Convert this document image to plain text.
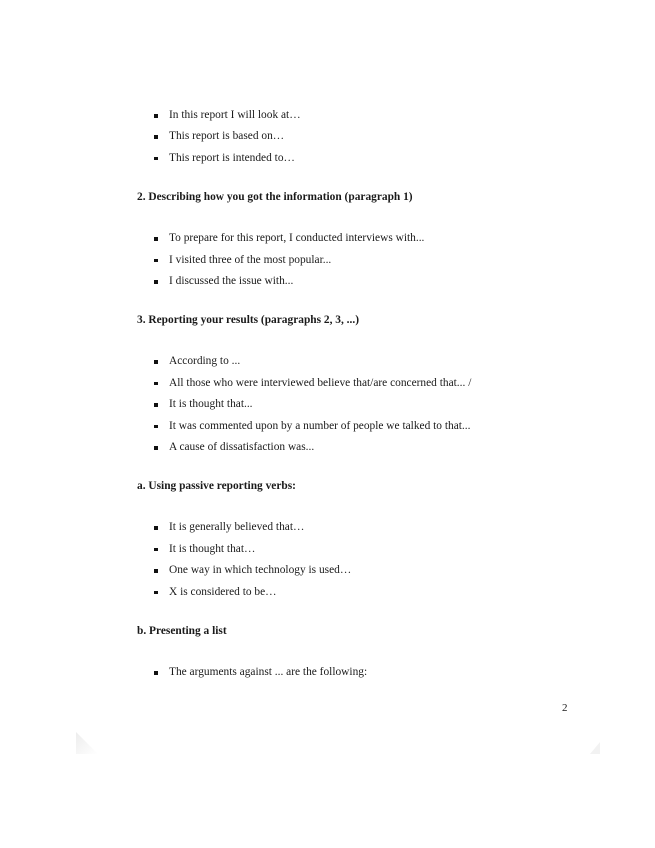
In this report I will look at…
This report is based on…
This report is intended to…
2. Describing how you got the information (paragraph 1)
To prepare for this report, I conducted interviews with...
I visited three of the most popular...
I discussed the issue with...
3. Reporting your results (paragraphs 2, 3, ...)
According to ...
All those who were interviewed believe that/are concerned that... /
It is thought that...
It was commented upon by a number of people we talked to that...
A cause of dissatisfaction was...
a. Using passive reporting verbs:
It is generally believed that…
It is thought that…
One way in which technology is used…
X is considered to be…
b. Presenting a list
The arguments against ... are the following:
2
